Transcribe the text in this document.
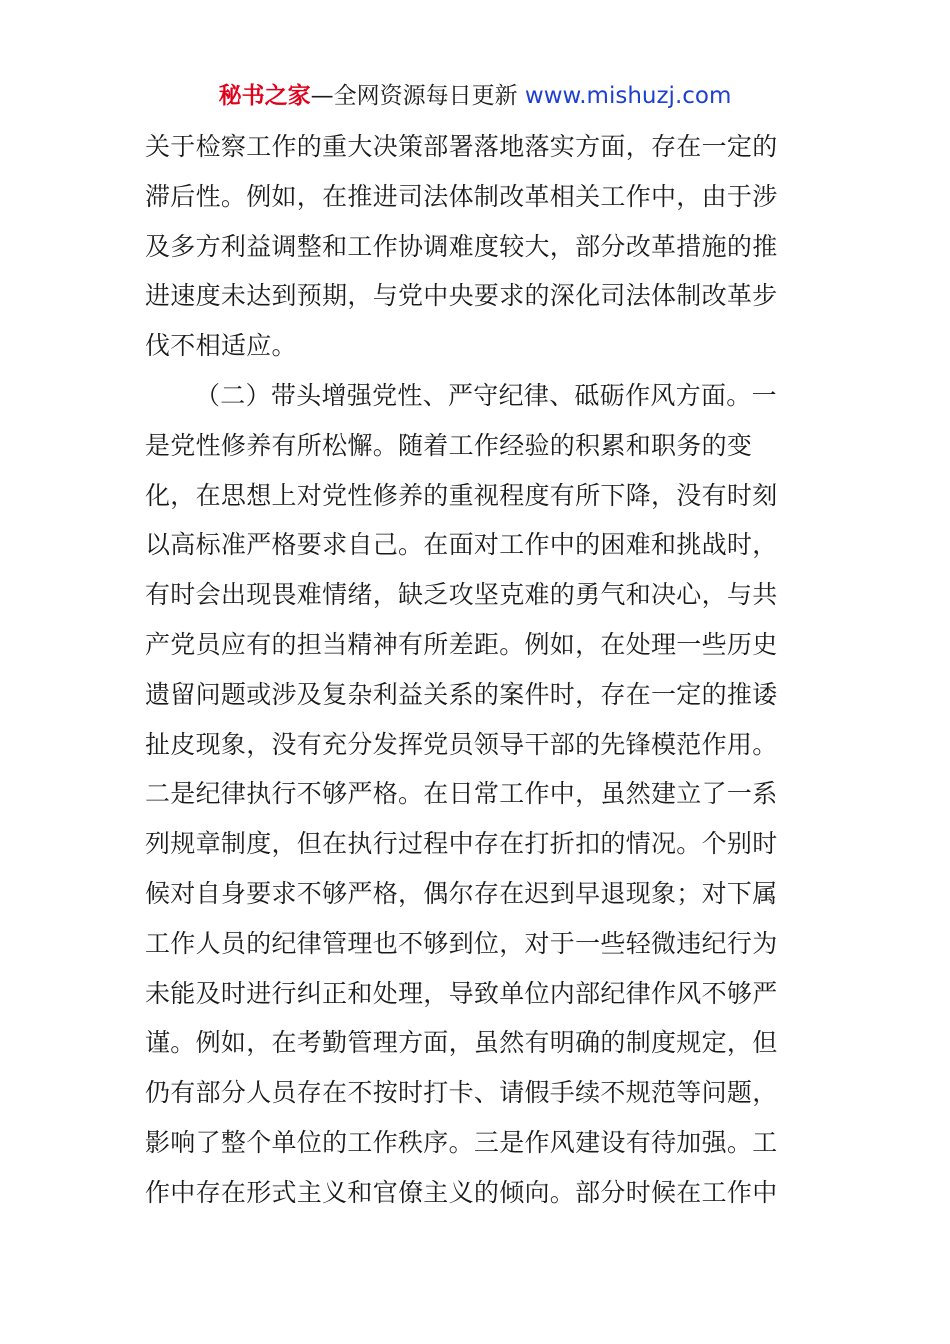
秘书之家—全网资源每日更新 www.mishuzj.com
关于检察工作的重大决策部署落地落实方面，存在一定的
滞后性。例如，在推进司法体制改革相关工作中，由于涉
及多方利益调整和工作协调难度较大，部分改革措施的推
进速度未达到预期，与党中央要求的深化司法体制改革步
伐不相适应。
（二）带头增强党性、严守纪律、砥砺作风方面。一
是党性修养有所松懈。随着工作经验的积累和职务的变
化，在思想上对党性修养的重视程度有所下降，没有时刻
以高标准严格要求自己。在面对工作中的困难和挑战时，
有时会出现畏难情绪，缺乏攻坚克难的勇气和决心，与共
产党员应有的担当精神有所差距。例如，在处理一些历史
遗留问题或涉及复杂利益关系的案件时，存在一定的推诿
扯皮现象，没有充分发挥党员领导干部的先锋模范作用。
二是纪律执行不够严格。在日常工作中，虽然建立了一系
列规章制度，但在执行过程中存在打折扣的情况。个别时
候对自身要求不够严格，偶尔存在迟到早退现象；对下属
工作人员的纪律管理也不够到位，对于一些轻微违纪行为
未能及时进行纠正和处理，导致单位内部纪律作风不够严
谨。例如，在考勤管理方面，虽然有明确的制度规定，但
仍有部分人员存在不按时打卡、请假手续不规范等问题，
影响了整个单位的工作秩序。三是作风建设有待加强。工
作中存在形式主义和官僚主义的倾向。部分时候在工作中
